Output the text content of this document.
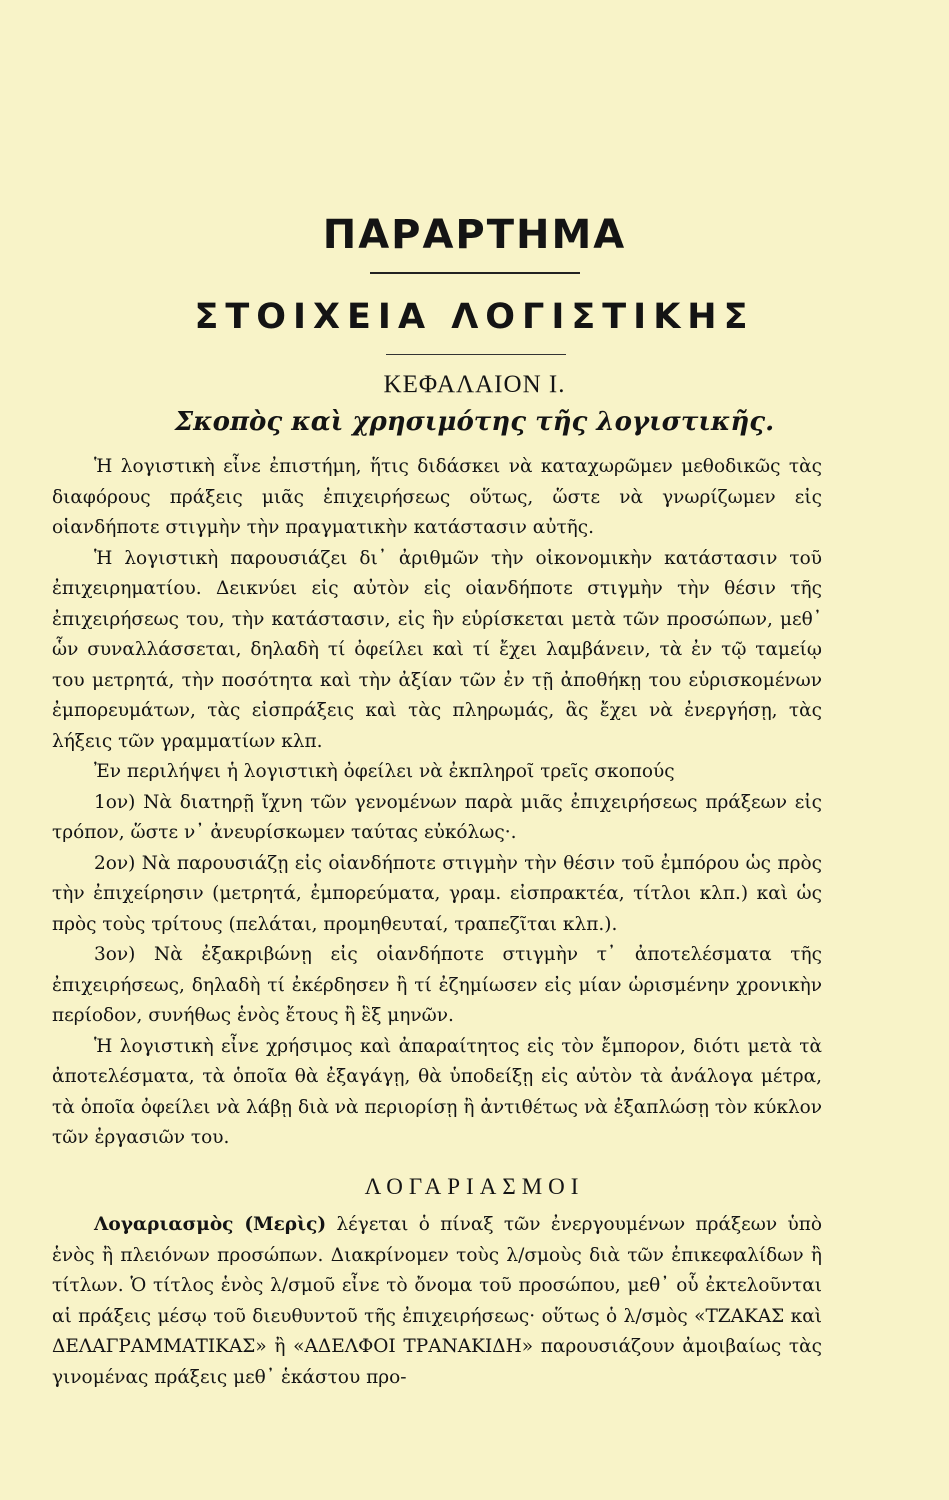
ΠΑΡΑΡΤΗΜΑ
ΣΤΟΙΧΕΙΑ ΛΟΓΙΣΤΙΚΗΣ
ΚΕΦΑΛΑΙΟΝ Ι.
Σκοπὸς καὶ χρησιμότης τῆς λογιστικῆς.

Ἡ λογιστικὴ εἶνε ἐπιστήμη, ἥτις διδάσκει νὰ καταχωρῶμεν μεθοδικῶς τὰς διαφόρους πράξεις μιᾶς ἐπιχειρήσεως οὕτως, ὥστε νὰ γνωρίζωμεν εἰς οἱανδήποτε στιγμὴν τὴν πραγματικὴν κατάστασιν αὐτῆς.

Ἡ λογιστικὴ παρουσιάζει δι᾽ ἀριθμῶν τὴν οἰκονομικὴν κατάστασιν τοῦ ἐπιχειρηματίου. Δεικνύει εἰς αὐτὸν εἰς οἱανδήποτε στιγμὴν τὴν θέσιν τῆς ἐπιχειρήσεως του, τὴν κατάστασιν, εἰς ἣν εὑρίσκεται μετὰ τῶν προσώπων, μεθ᾽ ὧν συναλλάσσεται, δηλαδὴ τί ὀφείλει καὶ τί ἔχει λαμβάνειν, τὰ ἐν τῷ ταμείῳ του μετρητά, τὴν ποσότητα καὶ τὴν ἀξίαν τῶν ἐν τῇ ἀποθήκῃ του εὑρισκομένων ἐμπορευμάτων, τὰς εἰσπράξεις καὶ τὰς πληρωμάς, ἃς ἔχει νὰ ἐνεργήσῃ, τὰς λήξεις τῶν γραμματίων κλπ.

Ἐν περιλήψει ἡ λογιστικὴ ὀφείλει νὰ ἐκπληροῖ τρεῖς σκοπούς

1ον) Νὰ διατηρῇ ἴχνη τῶν γενομένων παρὰ μιᾶς ἐπιχειρήσεως πράξεων εἰς τρόπον, ὥστε ν᾽ ἀνευρίσκωμεν ταύτας εὐκόλως·.

2ον) Νὰ παρουσιάζῃ εἰς οἱανδήποτε στιγμὴν τὴν θέσιν τοῦ ἐμπόρου ὡς πρὸς τὴν ἐπιχείρησιν (μετρητά, ἐμπορεύματα, γραμ. εἰσπρακτέα, τίτλοι κλπ.) καὶ ὡς πρὸς τοὺς τρίτους (πελάται, προμηθευταί, τραπεζῖται κλπ.).

3ον) Νὰ ἐξακριβώνῃ εἰς οἱανδήποτε στιγμὴν τ᾽ ἀποτελέσματα τῆς ἐπιχειρήσεως, δηλαδὴ τί ἐκέρδησεν ἢ τί ἐζημίωσεν εἰς μίαν ὡρισμένην χρονικὴν περίοδον, συνήθως ἑνὸς ἔτους ἢ ἓξ μηνῶν.

Ἡ λογιστικὴ εἶνε χρήσιμος καὶ ἀπαραίτητος εἰς τὸν ἔμπορον, διότι μετὰ τὰ ἀποτελέσματα, τὰ ὁποῖα θὰ ἐξαγάγῃ, θὰ ὑποδείξῃ εἰς αὐτὸν τὰ ἀνάλογα μέτρα, τὰ ὁποῖα ὀφείλει νὰ λάβῃ διὰ νὰ περιορίσῃ ἢ ἀντιθέτως νὰ ἐξαπλώσῃ τὸν κύκλον τῶν ἐργασιῶν του.

ΛΟΓΑΡΙΑΣΜΟΙ

Λογαριασμὸς (Μερὶς) λέγεται ὁ πίναξ τῶν ἐνεργουμένων πράξεων ὑπὸ ἑνὸς ἢ πλειόνων προσώπων. Διακρίνομεν τοὺς λ/σμοὺς διὰ τῶν ἐπικεφαλίδων ἢ τίτλων. Ὁ τίτλος ἑνὸς λ/σμοῦ εἶνε τὸ ὄνομα τοῦ προσώπου, μεθ᾽ οὗ ἐκτελοῦνται αἱ πράξεις μέσῳ τοῦ διευθυντοῦ τῆς ἐπιχειρήσεως· οὕτως ὁ λ/σμὸς «ΤΖΑΚΑΣ καὶ ΔΕΛΑΓΡΑΜΜΑΤΙΚΑΣ» ἢ «ΑΔΕΛΦΟΙ ΤΡΑΝΑΚΙΔΗ» παρουσιάζουν ἀμοιβαίως τὰς γινομένας πράξεις μεθ᾽ ἑκάστου προ-
